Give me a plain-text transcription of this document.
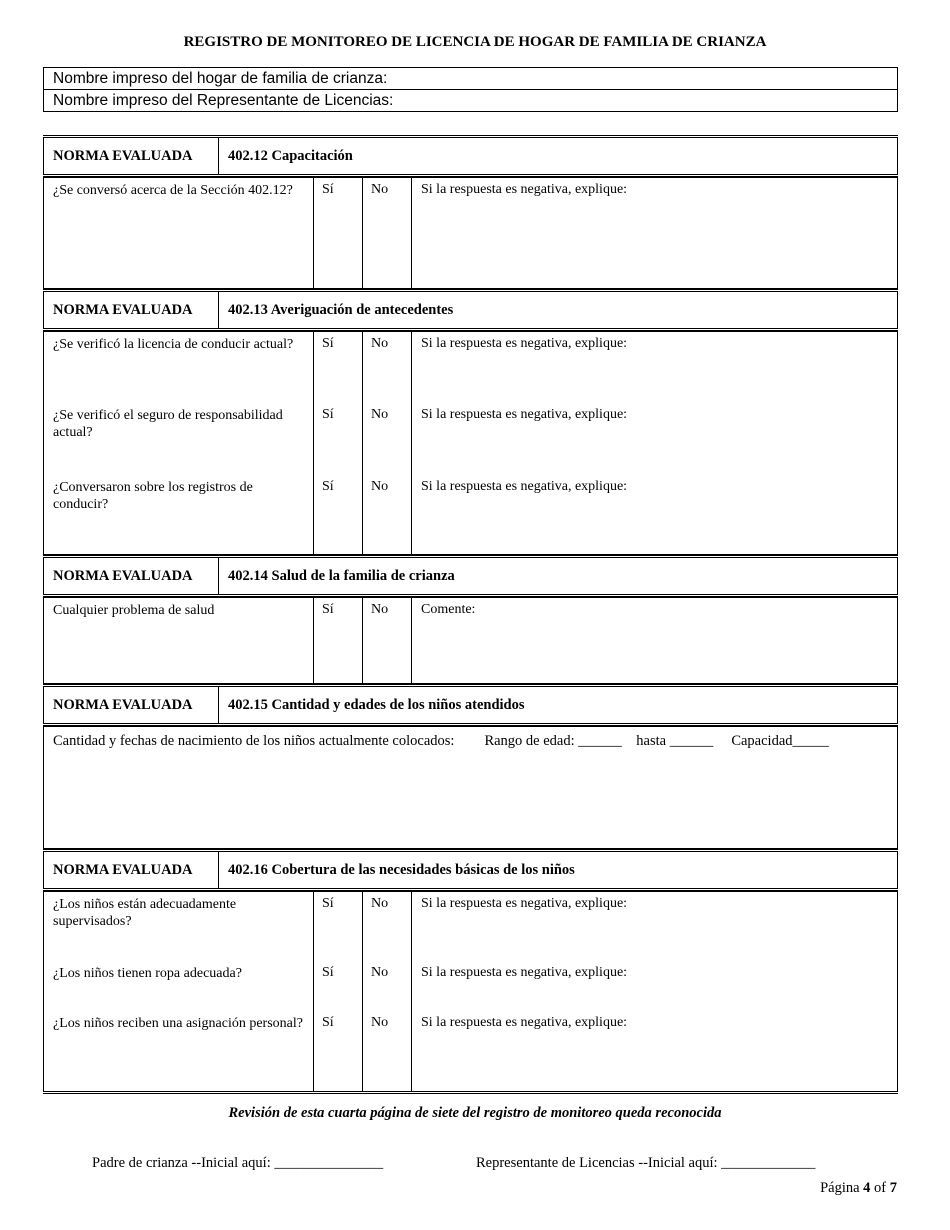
REGISTRO DE MONITOREO DE LICENCIA DE HOGAR DE FAMILIA DE CRIANZA
Nombre impreso del hogar de familia de crianza:
Nombre impreso del Representante de Licencias:
NORMA EVALUADA	402.12 Capacitación
¿Se conversó acerca de la Sección 402.12?	Sí	No	Si la respuesta es negativa, explique:
NORMA EVALUADA	402.13 Averiguación de antecedentes
¿Se verificó la licencia de conducir actual?	Sí	No	Si la respuesta es negativa, explique:
¿Se verificó el seguro de responsabilidad actual?	Sí	No	Si la respuesta es negativa, explique:
¿Conversaron sobre los registros de conducir?	Sí	No	Si la respuesta es negativa, explique:
NORMA EVALUADA	402.14 Salud de la familia de crianza
Cualquier problema de salud	Sí	No	Comente:
NORMA EVALUADA	402.15 Cantidad y edades de los niños atendidos
Cantidad y fechas de nacimiento de los niños actualmente colocados: Rango de edad: ______ hasta ______ Capacidad_____
NORMA EVALUADA	402.16 Cobertura de las necesidades básicas de los niños
¿Los niños están adecuadamente supervisados?	Sí	No	Si la respuesta es negativa, explique:
¿Los niños tienen ropa adecuada?	Sí	No	Si la respuesta es negativa, explique:
¿Los niños reciben una asignación personal?	Sí	No	Si la respuesta es negativa, explique:
Revisión de esta cuarta página de siete del registro de monitoreo queda reconocida
Padre de crianza --Inicial aquí: _______________	Representante de Licencias --Inicial aquí: _____________
Página 4 of 7
